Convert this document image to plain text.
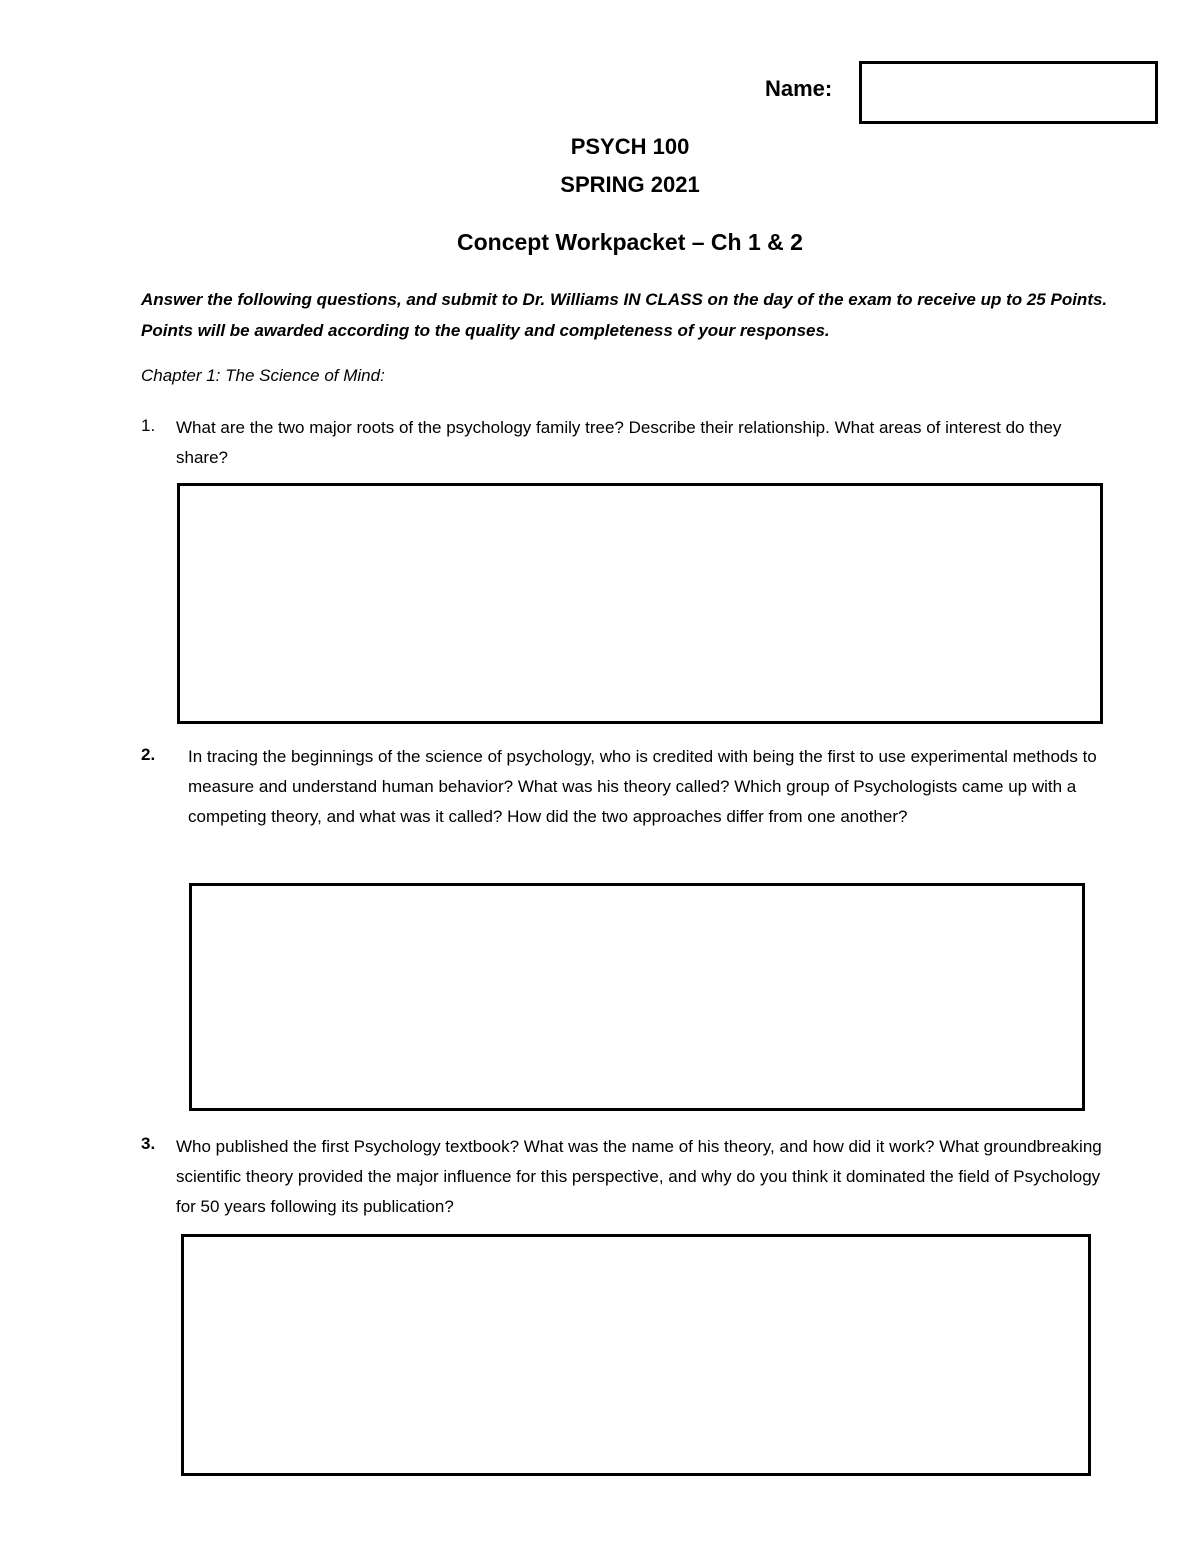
Name:
PSYCH 100
SPRING 2021
Concept Workpacket – Ch 1 & 2
Answer the following questions, and submit to Dr. Williams IN CLASS on the day of the exam to receive up to 25 Points. Points will be awarded according to the quality and completeness of your responses.
Chapter 1: The Science of Mind:
1. What are the two major roots of the psychology family tree? Describe their relationship. What areas of interest do they share?
2. In tracing the beginnings of the science of psychology, who is credited with being the first to use experimental methods to measure and understand human behavior? What was his theory called? Which group of Psychologists came up with a competing theory, and what was it called? How did the two approaches differ from one another?
3. Who published the first Psychology textbook? What was the name of his theory, and how did it work? What groundbreaking scientific theory provided the major influence for this perspective, and why do you think it dominated the field of Psychology for 50 years following its publication?
